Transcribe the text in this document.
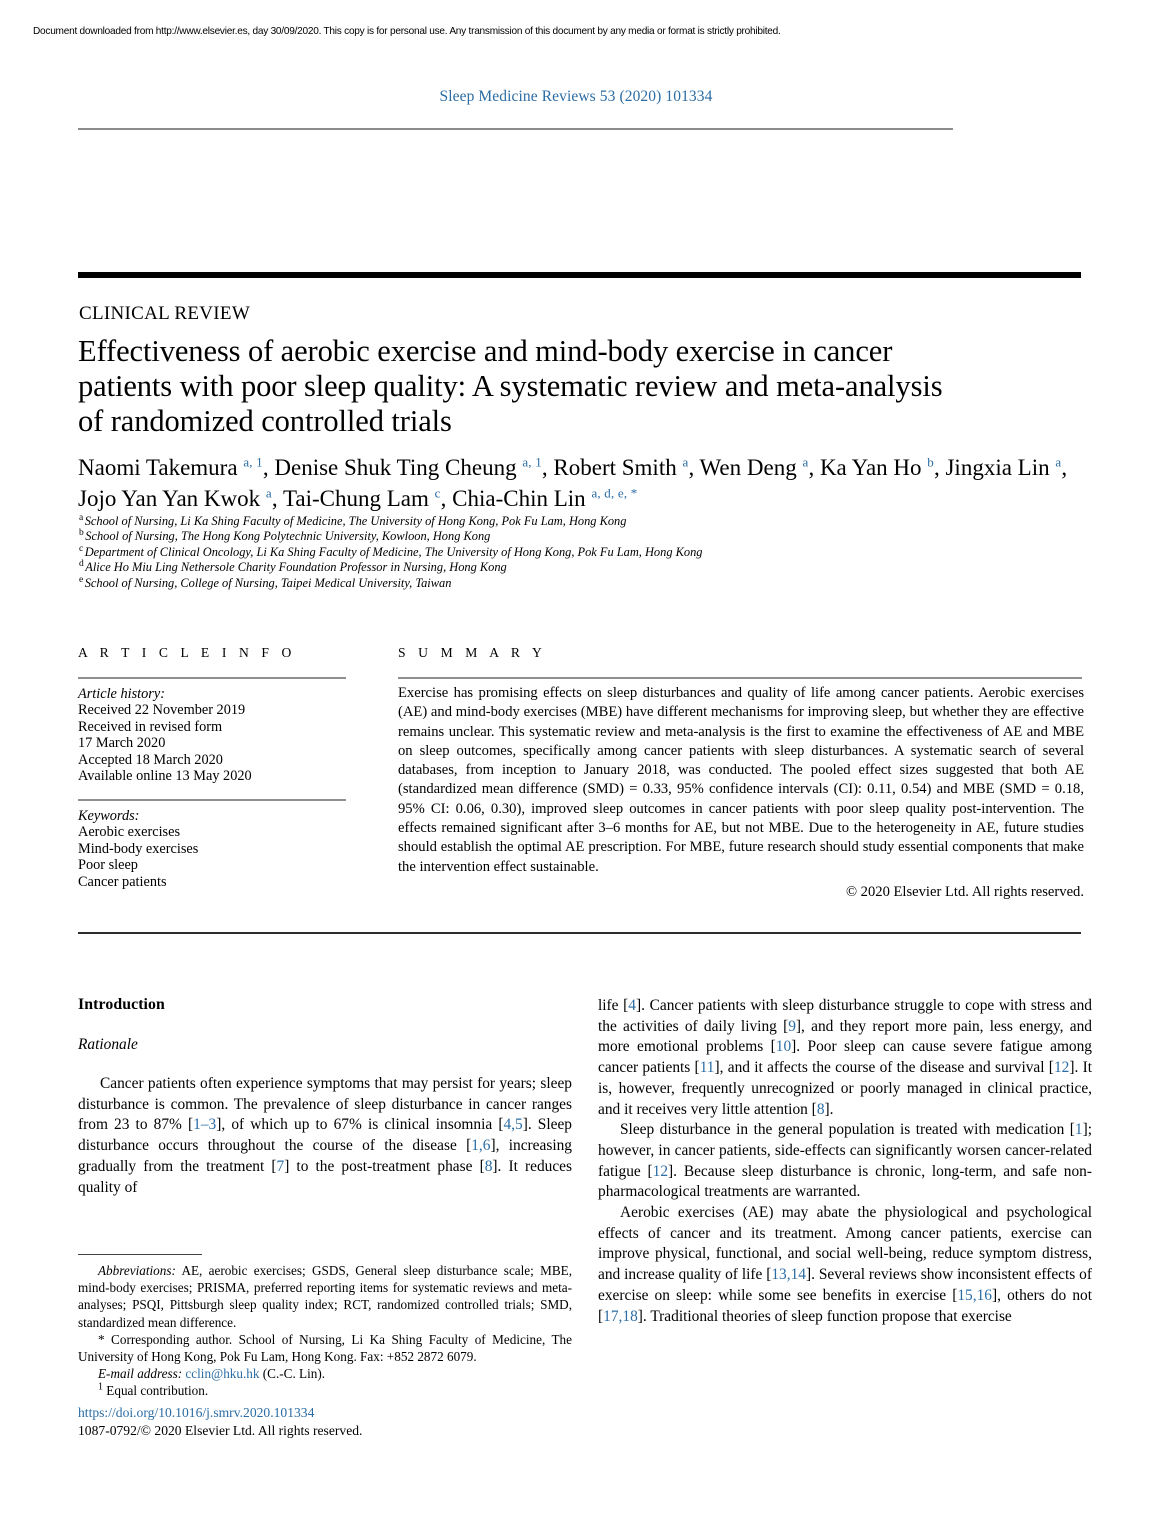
Document downloaded from http://www.elsevier.es, day 30/09/2020. This copy is for personal use. Any transmission of this document by any media or format is strictly prohibited.
Sleep Medicine Reviews 53 (2020) 101334
CLINICAL REVIEW
Effectiveness of aerobic exercise and mind-body exercise in cancer patients with poor sleep quality: A systematic review and meta-analysis of randomized controlled trials
Naomi Takemura $^{a, 1}$, Denise Shuk Ting Cheung $^{a, 1}$, Robert Smith $^a$, Wen Deng $^a$, Ka Yan Ho $^b$, Jingxia Lin $^a$, Jojo Yan Yan Kwok $^a$, Tai-Chung Lam $^c$, Chia-Chin Lin $^{a, d, e, *}$
$^a$ School of Nursing, Li Ka Shing Faculty of Medicine, The University of Hong Kong, Pok Fu Lam, Hong Kong
$^b$ School of Nursing, The Hong Kong Polytechnic University, Kowloon, Hong Kong
$^c$ Department of Clinical Oncology, Li Ka Shing Faculty of Medicine, The University of Hong Kong, Pok Fu Lam, Hong Kong
$^d$ Alice Ho Miu Ling Nethersole Charity Foundation Professor in Nursing, Hong Kong
$^e$ School of Nursing, College of Nursing, Taipei Medical University, Taiwan
A R T I C L E I N F O
Article history:
Received 22 November 2019
Received in revised form
17 March 2020
Accepted 18 March 2020
Available online 13 May 2020
Keywords:
Aerobic exercises
Mind-body exercises
Poor sleep
Cancer patients
S U M M A R Y
Exercise has promising effects on sleep disturbances and quality of life among cancer patients. Aerobic exercises (AE) and mind-body exercises (MBE) have different mechanisms for improving sleep, but whether they are effective remains unclear. This systematic review and meta-analysis is the first to examine the effectiveness of AE and MBE on sleep outcomes, specifically among cancer patients with sleep disturbances. A systematic search of several databases, from inception to January 2018, was conducted. The pooled effect sizes suggested that both AE (standardized mean difference (SMD) = 0.33, 95% confidence intervals (CI): 0.11, 0.54) and MBE (SMD = 0.18, 95% CI: 0.06, 0.30), improved sleep outcomes in cancer patients with poor sleep quality post-intervention. The effects remained significant after 3–6 months for AE, but not MBE. Due to the heterogeneity in AE, future studies should establish the optimal AE prescription. For MBE, future research should study essential components that make the intervention effect sustainable.
© 2020 Elsevier Ltd. All rights reserved.
Introduction
Rationale

Cancer patients often experience symptoms that may persist for years; sleep disturbance is common. The prevalence of sleep disturbance in cancer ranges from 23 to 87% [1–3], of which up to 67% is clinical insomnia [4,5]. Sleep disturbance occurs throughout the course of the disease [1,6], increasing gradually from the treatment [7] to the post-treatment phase [8]. It reduces quality of

life [4]. Cancer patients with sleep disturbance struggle to cope with stress and the activities of daily living [9], and they report more pain, less energy, and more emotional problems [10]. Poor sleep can cause severe fatigue among cancer patients [11], and it affects the course of the disease and survival [12]. It is, however, frequently unrecognized or poorly managed in clinical practice, and it receives very little attention [8].

Sleep disturbance in the general population is treated with medication [1]; however, in cancer patients, side-effects can significantly worsen cancer-related fatigue [12]. Because sleep disturbance is chronic, long-term, and safe non-pharmacological treatments are warranted.

Aerobic exercises (AE) may abate the physiological and psychological effects of cancer and its treatment. Among cancer patients, exercise can improve physical, functional, and social well-being, reduce symptom distress, and increase quality of life [13,14]. Several reviews show inconsistent effects of exercise on sleep: while some see benefits in exercise [15,16], others do not [17,18]. Traditional theories of sleep function propose that exercise

Abbreviations: AE, aerobic exercises; GSDS, General sleep disturbance scale; MBE, mind-body exercises; PRISMA, preferred reporting items for systematic reviews and meta-analyses; PSQI, Pittsburgh sleep quality index; RCT, randomized controlled trials; SMD, standardized mean difference.

* Corresponding author. School of Nursing, Li Ka Shing Faculty of Medicine, The University of Hong Kong, Pok Fu Lam, Hong Kong. Fax: +852 2872 6079.

E-mail address: cclin@hku.hk (C.-C. Lin).

$^1$ Equal contribution.

https://doi.org/10.1016/j.smrv.2020.101334
1087-0792/© 2020 Elsevier Ltd. All rights reserved.
